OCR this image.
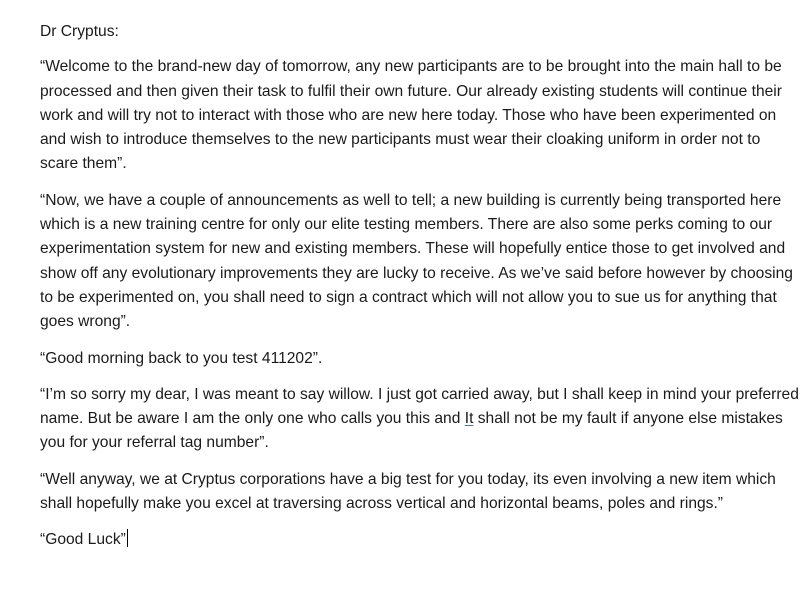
Dr Cryptus:

“Welcome to the brand-new day of tomorrow, any new participants are to be brought into the main hall to be processed and then given their task to fulfil their own future. Our already existing students will continue their work and will try not to interact with those who are new here today. Those who have been experimented on and wish to introduce themselves to the new participants must wear their cloaking uniform in order not to scare them”.

“Now, we have a couple of announcements as well to tell; a new building is currently being transported here which is a new training centre for only our elite testing members. There are also some perks coming to our experimentation system for new and existing members. These will hopefully entice those to get involved and show off any evolutionary improvements they are lucky to receive. As we’ve said before however by choosing to be experimented on, you shall need to sign a contract which will not allow you to sue us for anything that goes wrong”.

“Good morning back to you test 411202”.

“I’m so sorry my dear, I was meant to say willow. I just got carried away, but I shall keep in mind your preferred name. But be aware I am the only one who calls you this and It shall not be my fault if anyone else mistakes you for your referral tag number”.

“Well anyway, we at Cryptus corporations have a big test for you today, its even involving a new item which shall hopefully make you excel at traversing across vertical and horizontal beams, poles and rings.”

“Good Luck”
